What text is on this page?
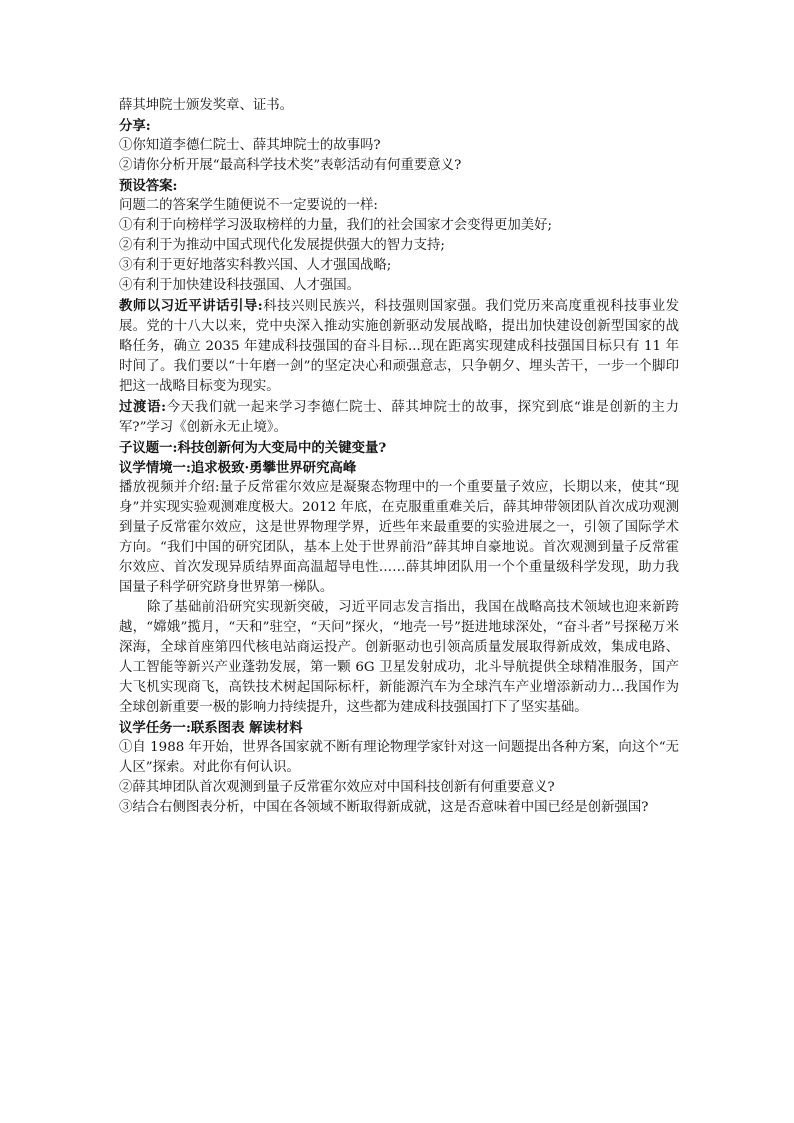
薛其坤院士颁发奖章、证书。

分享:

①你知道李德仁院士、薛其坤院士的故事吗?

②请你分析开展“最高科学技术奖”表彰活动有何重要意义?

预设答案:

问题二的答案学生随便说不一定要说的一样:

①有利于向榜样学习汲取榜样的力量，我们的社会国家才会变得更加美好;

②有利于为推动中国式现代化发展提供强大的智力支持;

③有利于更好地落实科教兴国、人才强国战略;

④有利于加快建设科技强国、人才强国。

教师以习近平讲话引导:科技兴则民族兴，科技强则国家强。我们党历来高度重视科技事业发展。党的十八大以来，党中央深入推动实施创新驱动发展战略，提出加快建设创新型国家的战略任务，确立 2035 年建成科技强国的奋斗目标...现在距离实现建成科技强国目标只有 11 年时间了。我们要以“十年磨一剑”的坚定决心和顽强意志，只争朝夕、埋头苦干，一步一个脚印把这一战略目标变为现实。

过渡语:今天我们就一起来学习李德仁院士、薛其坤院士的故事，探究到底“谁是创新的主力军?”学习《创新永无止境》。

子议题一:科技创新何为大变局中的关键变量?

议学情境一:追求极致·勇攀世界研究高峰

播放视频并介绍:量子反常霍尔效应是凝聚态物理中的一个重要量子效应，长期以来，使其“现身”并实现实验观测难度极大。2012 年底，在克服重重难关后，薛其坤带领团队首次成功观测到量子反常霍尔效应，这是世界物理学界，近些年来最重要的实验进展之一，引领了国际学术方向。“我们中国的研究团队，基本上处于世界前沿”薛其坤自豪地说。首次观测到量子反常霍尔效应、首次发现异质结界面高温超导电性……薛其坤团队用一个个重量级科学发现，助力我国量子科学研究跻身世界第一梯队。

除了基础前沿研究实现新突破，习近平同志发言指出，我国在战略高技术领域也迎来新跨越，“嫦娥”揽月，“天和”驻空，“天问”探火，“地壳一号”挺进地球深处，“奋斗者”号探秘万米深海，全球首座第四代核电站商运投产。创新驱动也引领高质量发展取得新成效，集成电路、人工智能等新兴产业蓬勃发展，第一颗 6G 卫星发射成功，北斗导航提供全球精准服务，国产大飞机实现商飞，高铁技术树起国际标杆，新能源汽车为全球汽车产业增添新动力...我国作为全球创新重要一极的影响力持续提升，这些都为建成科技强国打下了坚实基础。

议学任务一:联系图表 解读材料

①自 1988 年开始，世界各国家就不断有理论物理学家针对这一问题提出各种方案，向这个“无人区”探索。对此你有何认识。

②薛其坤团队首次观测到量子反常霍尔效应对中国科技创新有何重要意义?

③结合右侧图表分析，中国在各领域不断取得新成就，这是否意味着中国已经是创新强国?
